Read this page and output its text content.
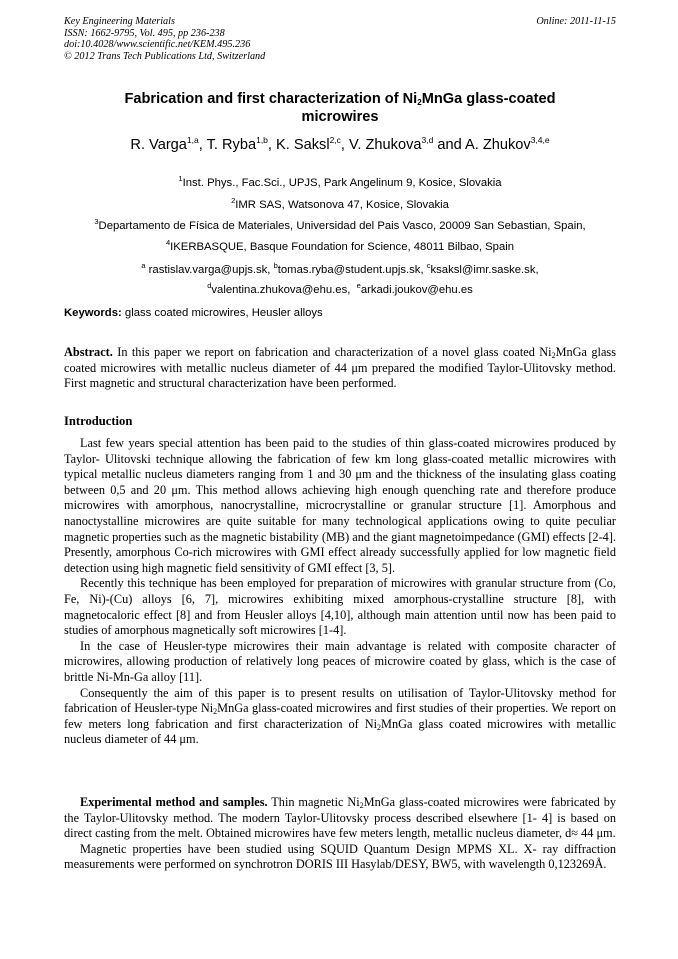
Key Engineering Materials
ISSN: 1662-9795, Vol. 495, pp 236-238
doi:10.4028/www.scientific.net/KEM.495.236
© 2012 Trans Tech Publications Ltd, Switzerland
Online: 2011-11-15
Fabrication and first characterization of $Ni_2MnGa$ glass-coated
microwires
R. Varga$^{1,a}$, T. Ryba$^{1,b}$, K. Saksl$^{2,c}$, V. Zhukova$^{3,d}$ and A. Zhukov$^{3,4,e}$
$^1$Inst. Phys., Fac.Sci., UPJS, Park Angelinum 9, Kosice, Slovakia
$^2$IMR SAS, Watsonova 47, Kosice, Slovakia
$^3$Departamento de Física de Materiales, Universidad del Pais Vasco, 20009 San Sebastian, Spain,
$^4$IKERBASQUE, Basque Foundation for Science, 48011 Bilbao, Spain
$^a$ rastislav.varga@upjs.sk, $^b$tomas.ryba@student.upjs.sk, $^c$ksaksl@imr.saske.sk,
$^d$valentina.zhukova@ehu.es, $^e$arkadi.joukov@ehu.es
Keywords: glass coated microwires, Heusler alloys

Abstract. In this paper we report on fabrication and characterization of a novel glass coated $Ni_2MnGa$ glass coated microwires with metallic nucleus diameter of 44 μm prepared the modified Taylor-Ulitovsky method. First magnetic and structural characterization have been performed.

Introduction

Last few years special attention has been paid to the studies of thin glass-coated microwires produced by Taylor- Ulitovski technique allowing the fabrication of few km long glass-coated metallic microwires with typical metallic nucleus diameters ranging from 1 and 30 μm and the thickness of the insulating glass coating between 0,5 and 20 μm. This method allows achieving high enough quenching rate and therefore produce microwires with amorphous, nanocrystalline, microcrystalline or granular structure [1]. Amorphous and nanoctystalline microwires are quite suitable for many technological applications owing to quite peculiar magnetic properties such as the magnetic bistability (MB) and the giant magnetoimpedance (GMI) effects [2-4]. Presently, amorphous Co-rich microwires with GMI effect already successfully applied for low magnetic field detection using high magnetic field sensitivity of GMI effect [3, 5].

Recently this technique has been employed for preparation of microwires with granular structure from (Co, Fe, Ni)-(Cu) alloys [6, 7], microwires exhibiting mixed amorphous-crystalline structure [8], with magnetocaloric effect [8] and from Heusler alloys [4,10], although main attention until now has been paid to studies of amorphous magnetically soft microwires [1-4].

In the case of Heusler-type microwires their main advantage is related with composite character of microwires, allowing production of relatively long peaces of microwire coated by glass, which is the case of brittle Ni-Mn-Ga alloy [11].

Consequently the aim of this paper is to present results on utilisation of Taylor-Ulitovsky method for fabrication of Heusler-type $Ni_2MnGa$ glass-coated microwires and first studies of their properties. We report on few meters long fabrication and first characterization of $Ni_2MnGa$ glass coated microwires with metallic nucleus diameter of 44 μm.

Experimental method and samples. Thin magnetic $Ni_2MnGa$ glass-coated microwires were fabricated by the Taylor-Ulitovsky method. The modern Taylor-Ulitovsky process described elsewhere [1- 4] is based on direct casting from the melt. Obtained microwires have few meters length, metallic nucleus diameter, d≈ 44 μm.

Magnetic properties have been studied using SQUID Quantum Design MPMS XL. X- ray diffraction measurements were performed on synchrotron DORIS III Hasylab/DESY, BW5, with wavelength 0,123269Å.
